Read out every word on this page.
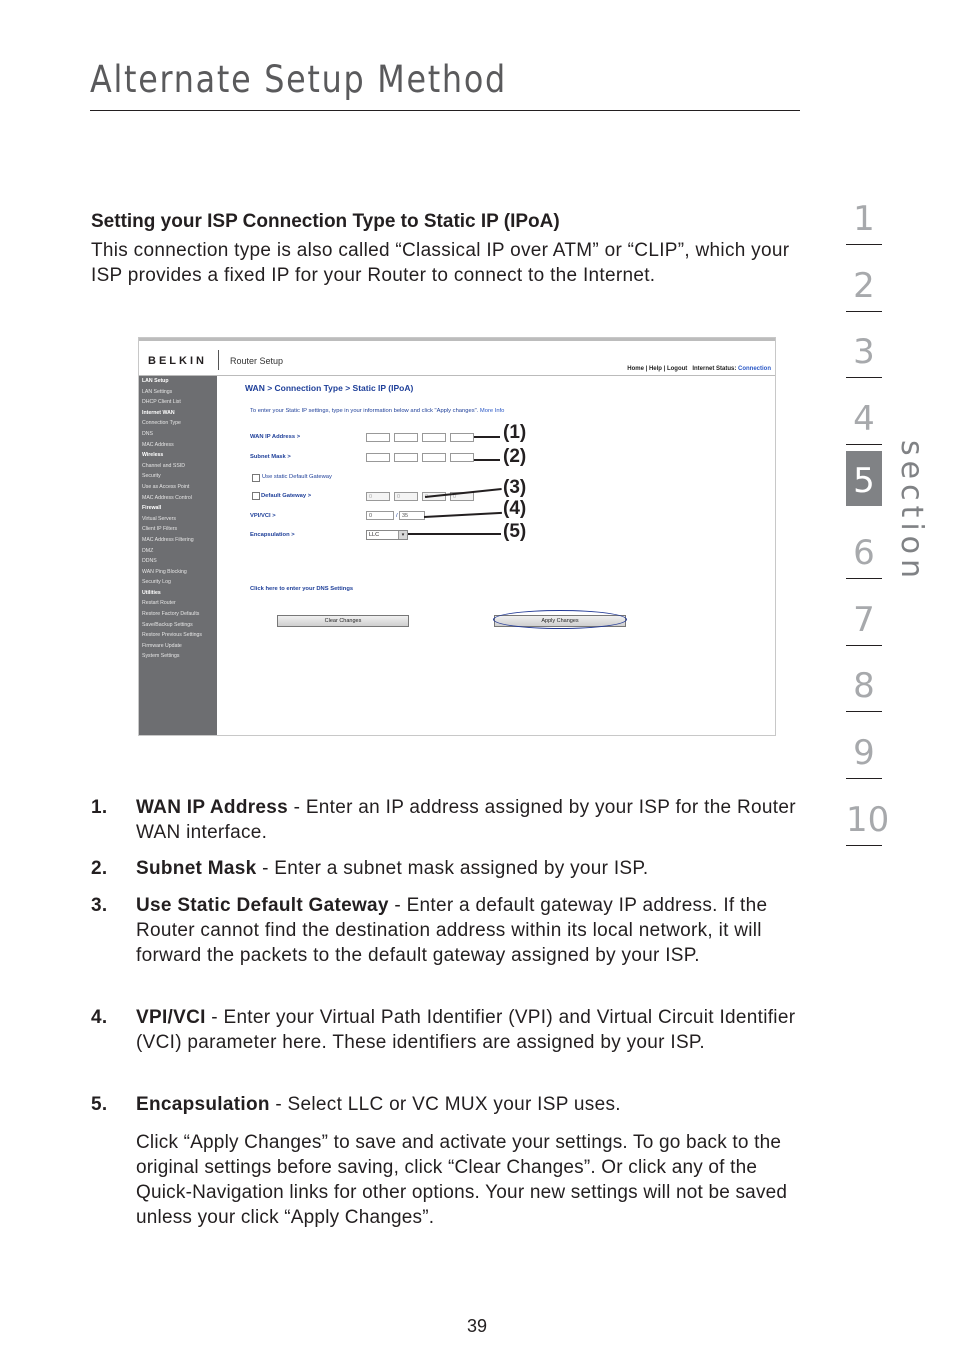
Alternate Setup Method
1
2
3
4
5
6
7
8
9
10
section
Setting your ISP Connection Type to Static IP (IPoA)
This connection type is also called “Classical IP over ATM” or “CLIP”, which your ISP provides a fixed IP for your Router to connect to the Internet.
BELKIN	Router Setup
Home | Help | Logout Internet Status: Connection
LAN Setup
LAN Settings
DHCP Client List
Internet WAN
Connection Type
DNS
MAC Address
Wireless
Channel and SSID
Security
Use as Access Point
MAC Address Control
Firewall
Virtual Servers
Client IP Filters
MAC Address Filtering
DMZ
DDNS
WAN Ping Blocking
Security Log
Utilities
Restart Router
Restore Factory Defaults
Save/Backup Settings
Restore Previous Settings
Firmware Update
System Settings
WAN > Connection Type > Static IP (IPoA)
To enter your Static IP settings, type in your information below and click "Apply changes". More Info
WAN IP Address >
Subnet Mask >
Use static Default Gateway
Default Gateway >	0	0	0
VPI/VCI >	0	/ 35
Encapsulation >	LLC	▾
Click here to enter your DNS Settings
Clear Changes	Apply Changes
(1)
(2)
(3)
(4)
(5)
1. WAN IP Address - Enter an IP address assigned by your ISP for the Router WAN interface.
2. Subnet Mask - Enter a subnet mask assigned by your ISP.
3. Use Static Default Gateway - Enter a default gateway IP address. If the Router cannot find the destination address within its local network, it will forward the packets to the default gateway assigned by your ISP.
4. VPI/VCI - Enter your Virtual Path Identifier (VPI) and Virtual Circuit Identifier (VCI) parameter here. These identifiers are assigned by your ISP.
5. Encapsulation - Select LLC or VC MUX your ISP uses.
Click “Apply Changes” to save and activate your settings. To go back to the original settings before saving, click “Clear Changes”. Or click any of the Quick-Navigation links for other options. Your new settings will not be saved unless your click “Apply Changes”.
39
